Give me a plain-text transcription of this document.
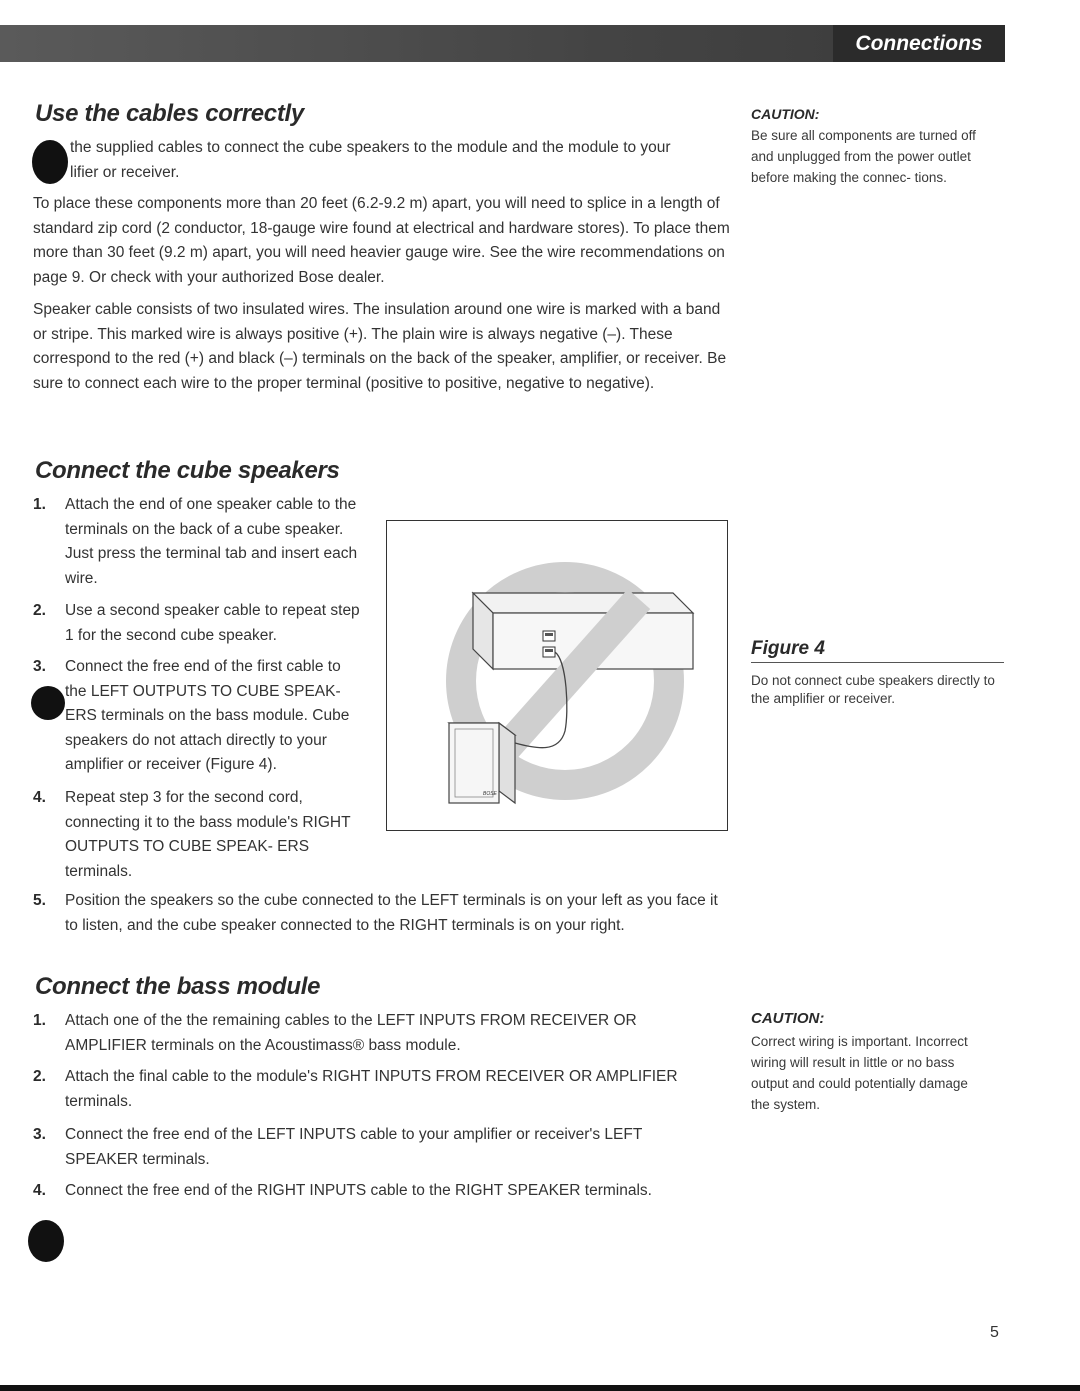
Connections
Use the cables correctly

the supplied cables to connect the cube speakers to the module and the module to your

lifier or receiver.

To place these components more than 20 feet (6.2-9.2 m) apart, you will need to splice in a length of standard zip cord (2 conductor, 18-gauge wire found at electrical and hardware stores). To place them more than 30 feet (9.2 m) apart, you will need heavier gauge wire. See the wire recommendations on page 9. Or check with your authorized Bose dealer.

Speaker cable consists of two insulated wires. The insulation around one wire is marked with a band or stripe. This marked wire is always positive (+). The plain wire is always negative (–). These correspond to the red (+) and black (–) terminals on the back of the speaker, amplifier, or receiver. Be sure to connect each wire to the proper terminal (positive to positive, negative to negative).

CAUTION:

Be sure all components are turned off and unplugged from the power outlet before making the connec- tions.

Connect the cube speakers
1. Attach the end of one speaker cable to the terminals on the back of a cube speaker. Just press the terminal tab and insert each wire.

2. Use a second speaker cable to repeat step 1 for the second cube speaker.

3. Connect the free end of the first cable to the LEFT OUTPUTS TO CUBE SPEAK- ERS terminals on the bass module. Cube speakers do not attach directly to your amplifier or receiver (Figure 4).

4. Repeat step 3 for the second cord, connecting it to the bass module's RIGHT OUTPUTS TO CUBE SPEAK- ERS terminals.

5. Position the speakers so the cube connected to the LEFT terminals is on your left as you face it to listen, and the cube speaker connected to the RIGHT terminals is on your right.

BOSE
Figure 4

Do not connect cube speakers directly to the amplifier or receiver.

Connect the bass module
1. Attach one of the the remaining cables to the LEFT INPUTS FROM RECEIVER OR AMPLIFIER terminals on the Acoustimass® bass module.

2. Attach the final cable to the module's RIGHT INPUTS FROM RECEIVER OR AMPLIFIER terminals.

3. Connect the free end of the LEFT INPUTS cable to your amplifier or receiver's LEFT SPEAKER terminals.

4. Connect the free end of the RIGHT INPUTS cable to the RIGHT SPEAKER terminals.

CAUTION:

Correct wiring is important. Incorrect wiring will result in little or no bass output and could potentially damage the system.

5
